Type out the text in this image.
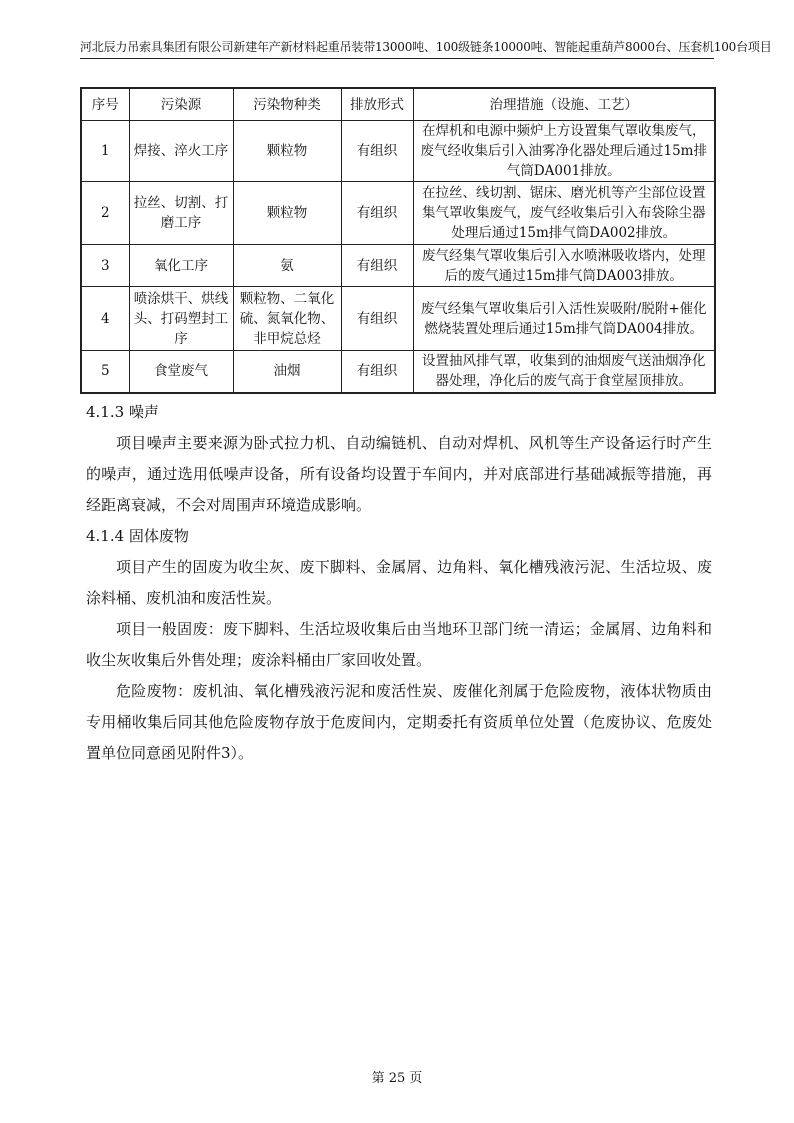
河北辰力吊索具集团有限公司新建年产新材料起重吊装带13000吨、100级链条10000吨、智能起重葫芦8000台、压套机100台项目
序号	污染源	污染物种类	排放形式	治理措施（设施、工艺）
1	焊接、淬火工序	颗粒物	有组织	在焊机和电源中频炉上方设置集气罩收集废气，废气经收集后引入油雾净化器处理后通过15m排气筒DA001排放。
2	拉丝、切割、打磨工序	颗粒物	有组织	在拉丝、线切割、锯床、磨光机等产尘部位设置集气罩收集废气，废气经收集后引入布袋除尘器处理后通过15m排气筒DA002排放。
3	氧化工序	氨	有组织	废气经集气罩收集后引入水喷淋吸收塔内，处理后的废气通过15m排气筒DA003排放。
4	喷涂烘干、烘线头、打码塑封工序	颗粒物、二氧化硫、氮氧化物、非甲烷总烃	有组织	废气经集气罩收集后引入活性炭吸附/脱附+催化燃烧装置处理后通过15m排气筒DA004排放。
5	食堂废气	油烟	有组织	设置抽风排气罩，收集到的油烟废气送油烟净化器处理，净化后的废气高于食堂屋顶排放。

4.1.3 噪声

项目噪声主要来源为卧式拉力机、自动编链机、自动对焊机、风机等生产设备运行时产生的噪声，通过选用低噪声设备，所有设备均设置于车间内，并对底部进行基础减振等措施，再经距离衰减，不会对周围声环境造成影响。

4.1.4 固体废物

项目产生的固废为收尘灰、废下脚料、金属屑、边角料、氧化槽残液污泥、生活垃圾、废涂料桶、废机油和废活性炭。

项目一般固废：废下脚料、生活垃圾收集后由当地环卫部门统一清运；金属屑、边角料和收尘灰收集后外售处理；废涂料桶由厂家回收处置。

危险废物：废机油、氧化槽残液污泥和废活性炭、废催化剂属于危险废物，液体状物质由专用桶收集后同其他危险废物存放于危废间内，定期委托有资质单位处置（危废协议、危废处置单位同意函见附件3）。

第 25 页
